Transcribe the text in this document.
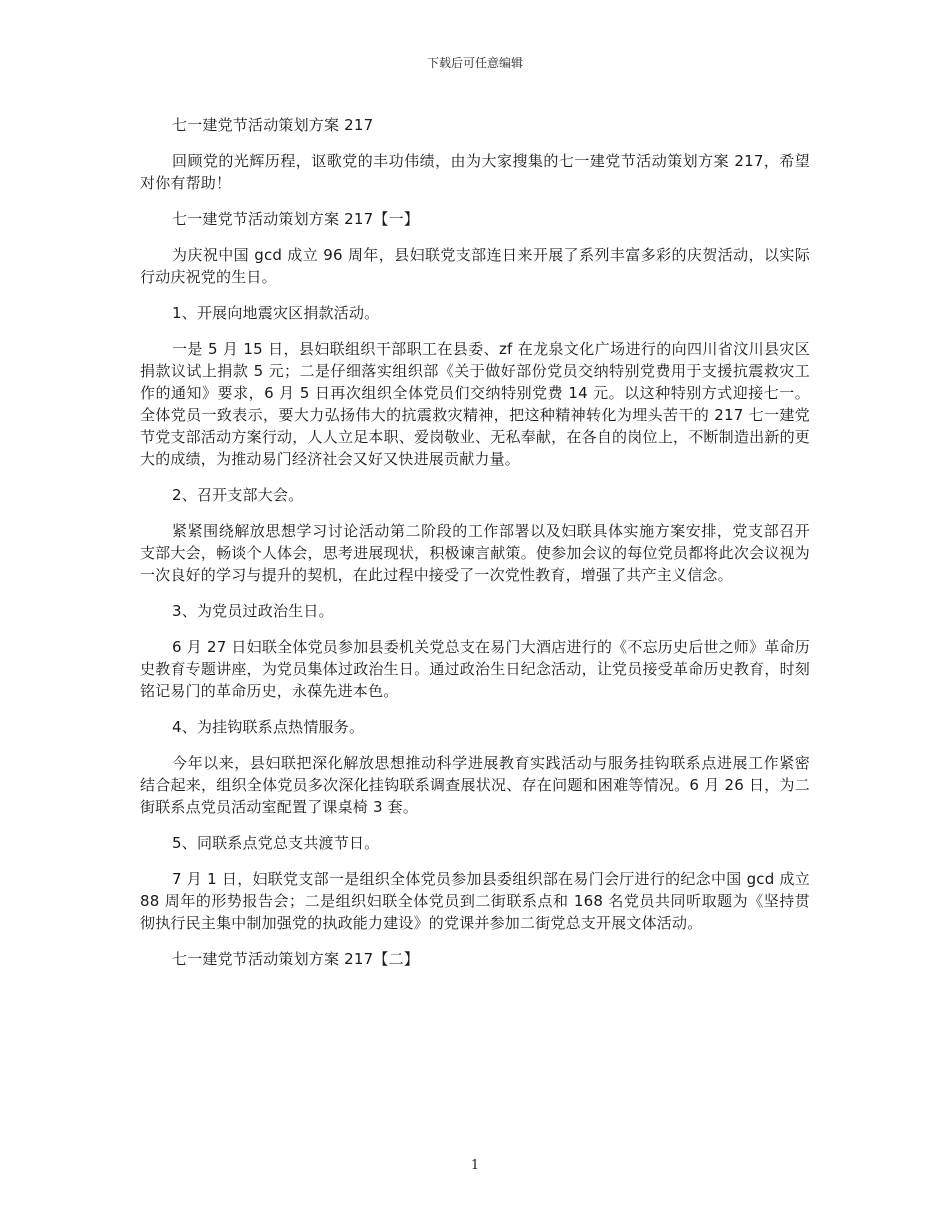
下载后可任意编辑

七一建党节活动策划方案 217

回顾党的光辉历程，讴歌党的丰功伟绩，由为大家搜集的七一建党节活动策划方案 217，希望对你有帮助！

七一建党节活动策划方案 217【一】

为庆祝中国 gcd 成立 96 周年，县妇联党支部连日来开展了系列丰富多彩的庆贺活动，以实际行动庆祝党的生日。

1、开展向地震灾区捐款活动。

一是 5 月 15 日，县妇联组织干部职工在县委、zf 在龙泉文化广场进行的向四川省汶川县灾区捐款议试上捐款 5 元；二是仔细落实组织部《关于做好部份党员交纳特别党费用于支援抗震救灾工作的通知》要求，6 月 5 日再次组织全体党员们交纳特别党费 14 元。以这种特别方式迎接七一。全体党员一致表示，要大力弘扬伟大的抗震救灾精神，把这种精神转化为埋头苦干的 217 七一建党节党支部活动方案行动，人人立足本职、爱岗敬业、无私奉献，在各自的岗位上，不断制造出新的更大的成绩，为推动易门经济社会又好又快进展贡献力量。

2、召开支部大会。

紧紧围绕解放思想学习讨论活动第二阶段的工作部署以及妇联具体实施方案安排，党支部召开支部大会，畅谈个人体会，思考进展现状，积极谏言献策。使参加会议的每位党员都将此次会议视为一次良好的学习与提升的契机，在此过程中接受了一次党性教育，增强了共产主义信念。

3、为党员过政治生日。

6 月 27 日妇联全体党员参加县委机关党总支在易门大酒店进行的《不忘历史后世之师》革命历史教育专题讲座，为党员集体过政治生日。通过政治生日纪念活动，让党员接受革命历史教育，时刻铭记易门的革命历史，永葆先进本色。

4、为挂钩联系点热情服务。

今年以来，县妇联把深化解放思想推动科学进展教育实践活动与服务挂钩联系点进展工作紧密结合起来，组织全体党员多次深化挂钩联系调查展状况、存在问题和困难等情况。6 月 26 日，为二街联系点党员活动室配置了课桌椅 3 套。

5、同联系点党总支共渡节日。

7 月 1 日，妇联党支部一是组织全体党员参加县委组织部在易门会厅进行的纪念中国 gcd 成立 88 周年的形势报告会；二是组织妇联全体党员到二街联系点和 168 名党员共同听取题为《坚持贯彻执行民主集中制加强党的执政能力建设》的党课并参加二街党总支开展文体活动。

七一建党节活动策划方案 217【二】

1
